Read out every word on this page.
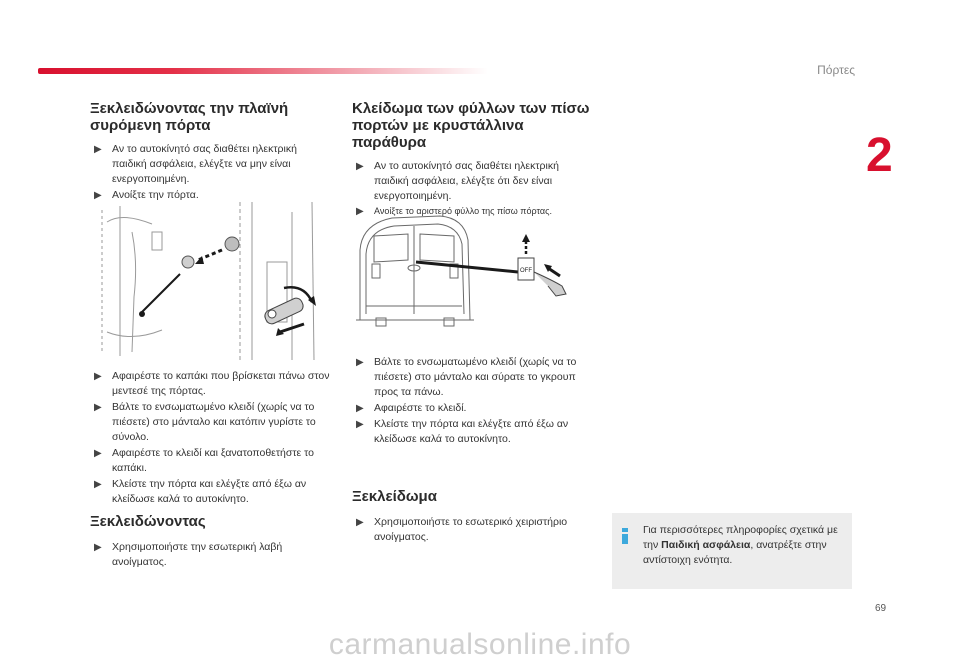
Πόρτες
2
69
Ξεκλειδώνοντας την πλαϊνή συρόμενη πόρτα
▶ Αν το αυτοκίνητό σας διαθέτει ηλεκτρική παιδική ασφάλεια, ελέγξτε να μην είναι ενεργοποιημένη.
▶ Ανοίξτε την πόρτα.
▶ Αφαιρέστε το καπάκι που βρίσκεται πάνω στον μεντεσέ της πόρτας.
▶ Βάλτε το ενσωματωμένο κλειδί (χωρίς να το πιέσετε) στο μάνταλο και κατόπιν γυρίστε το σύνολο.
▶ Αφαιρέστε το κλειδί και ξανατοποθετήστε το καπάκι.
▶ Κλείστε την πόρτα και ελέγξτε από έξω αν κλείδωσε καλά το αυτοκίνητο.
Ξεκλειδώνοντας
▶ Χρησιμοποιήστε την εσωτερική λαβή ανοίγματος.
Κλείδωμα των φύλλων των πίσω πορτών με κρυστάλλινα παράθυρα
▶ Αν το αυτοκίνητό σας διαθέτει ηλεκτρική παιδική ασφάλεια, ελέγξτε ότι δεν είναι ενεργοποιημένη.
▶ Ανοίξτε το αριστερό φύλλο της πίσω πόρτας.
OFF
▶ Βάλτε το ενσωματωμένο κλειδί (χωρίς να το πιέσετε) στο μάνταλο και σύρατε το γκρουπ προς τα πάνω.
▶ Αφαιρέστε το κλειδί.
▶ Κλείστε την πόρτα και ελέγξτε από έξω αν κλείδωσε καλά το αυτοκίνητο.
Ξεκλείδωμα
▶ Χρησιμοποιήστε το εσωτερικό χειριστήριο ανοίγματος.
Για περισσότερες πληροφορίες σχετικά με την Παιδική ασφάλεια, ανατρέξτε στην αντίστοιχη ενότητα.
carmanualsonline.info
